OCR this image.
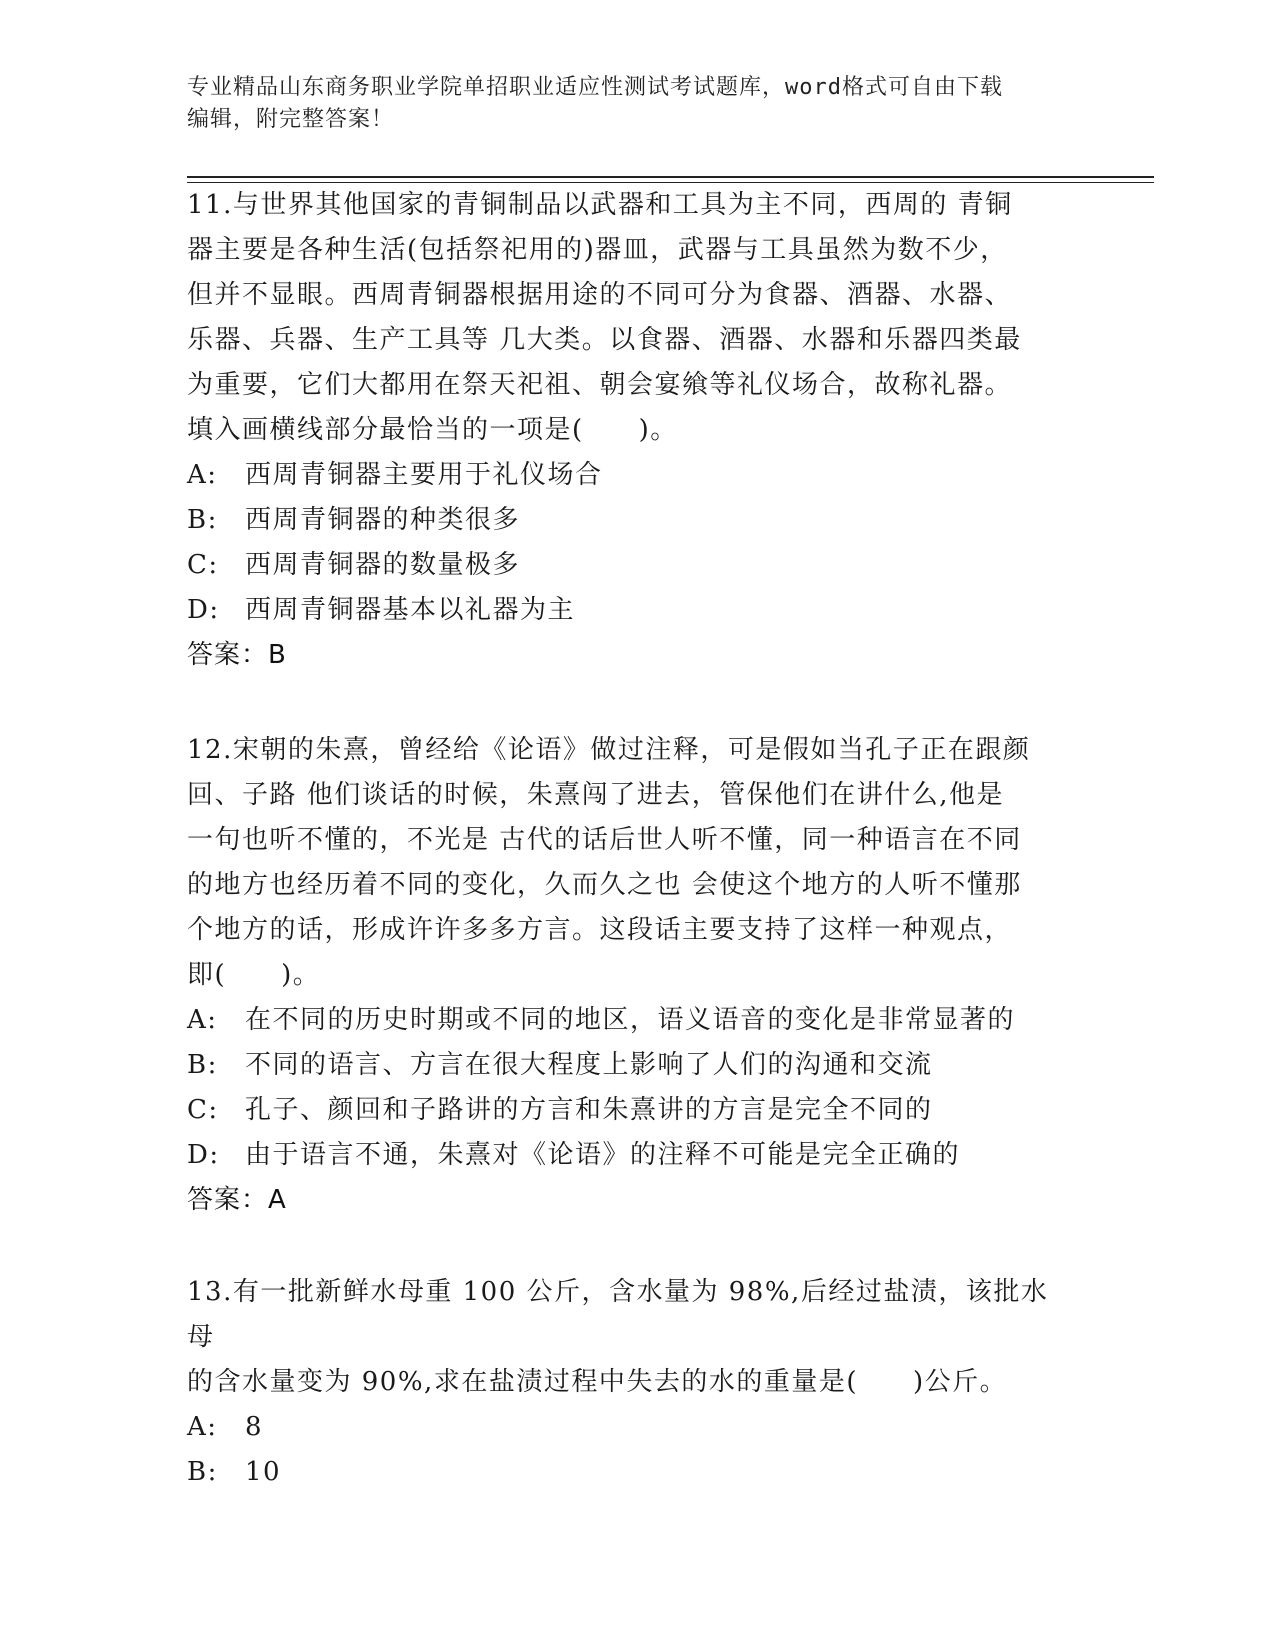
专业精品山东商务职业学院单招职业适应性测试考试题库，word格式可自由下载
编辑，附完整答案！

11.与世界其他国家的青铜制品以武器和工具为主不同，西周的 青铜

器主要是各种生活(包括祭祀用的)器皿，武器与工具虽然为数不少，

但并不显眼。西周青铜器根据用途的不同可分为食器、酒器、水器、

乐器、兵器、生产工具等 几大类。以食器、酒器、水器和乐器四类最

为重要，它们大都用在祭天祀祖、朝会宴飨等礼仪场合，故称礼器。

填入画横线部分最恰当的一项是(　　)。

A:	西周青铜器主要用于礼仪场合
B:	西周青铜器的种类很多
C:	西周青铜器的数量极多
D: 西周青铜器基本以礼器为主

答案：B

12.宋朝的朱熹，曾经给《论语》做过注释，可是假如当孔子正在跟颜

回、子路 他们谈话的时候，朱熹闯了进去，管保他们在讲什么,他是

一句也听不懂的，不光是 古代的话后世人听不懂，同一种语言在不同

的地方也经历着不同的变化，久而久之也 会使这个地方的人听不懂那

个地方的话，形成许许多多方言。这段话主要支持了这样一种观点，

即(　　)。

A:	在不同的历史时期或不同的地区，语义语音的变化是非常显著的
B:	不同的语言、方言在很大程度上影响了人们的沟通和交流
C:	孔子、颜回和子路讲的方言和朱熹讲的方言是完全不同的
D: 由于语言不通，朱熹对《论语》的注释不可能是完全正确的

答案：A

13.有一批新鲜水母重 100 公斤，含水量为 98%,后经过盐渍，该批水母

的含水量变为 90%,求在盐渍过程中失去的水的重量是(　　)公斤。

A:	8
B:	10
